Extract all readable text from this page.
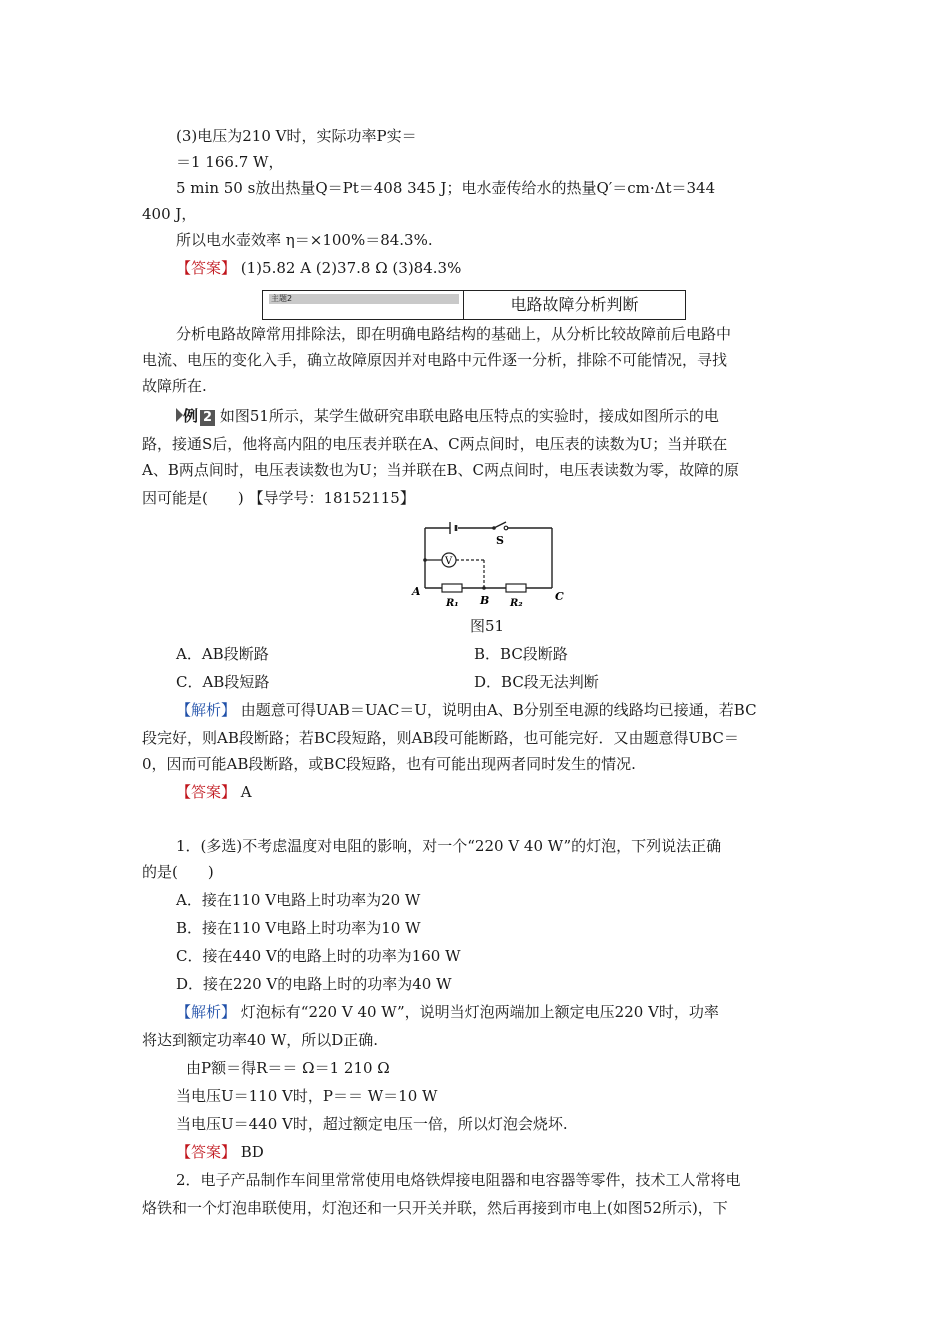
(3)电压为210 V时，实际功率P实＝
＝1 166.7 W，
5 min 50 s放出热量Q＝Pt＝408 345 J；电水壶传给水的热量Q′＝cm·Δt＝344
400 J，
所以电水壶效率 η＝×100%＝84.3%.
【答案】 (1)5.82 A (2)37.8 Ω (3)84.3%
主题2	电路故障分析判断
分析电路故障常用排除法，即在明确电路结构的基础上，从分析比较故障前后电路中
电流、电压的变化入手，确立故障原因并对电路中元件逐一分析，排除不可能情况，寻找
故障所在.
例 2 如图51所示，某学生做研究串联电路电压特点的实验时，接成如图所示的电
路，接通S后，他将高内阻的电压表并联在A、C两点间时，电压表的读数为U；当并联在
A、B两点间时，电压表读数也为U；当并联在B、C两点间时，电压表读数为零，故障的原
因可能是(　　) 【导学号：18152115】
S
V
A
B	C
R₁	R₂
图51
A．AB段断路	B．BC段断路
C．AB段短路	D．BC段无法判断
【解析】 由题意可得UAB＝UAC＝U，说明由A、B分别至电源的线路均已接通，若BC
段完好，则AB段断路；若BC段短路，则AB段可能断路，也可能完好．又由题意得UBC＝
0，因而可能AB段断路，或BC段短路，也有可能出现两者同时发生的情况.
【答案】 A
1．(多选)不考虑温度对电阻的影响，对一个“220 V 40 W”的灯泡，下列说法正确
的是(　　)
A．接在110 V电路上时功率为20 W
B．接在110 V电路上时功率为10 W
C．接在440 V的电路上时的功率为160 W
D．接在220 V的电路上时的功率为40 W
【解析】 灯泡标有“220 V 40 W”，说明当灯泡两端加上额定电压220 V时，功率
将达到额定功率40 W，所以D正确.
由P额＝得R＝＝ Ω＝1 210 Ω
当电压U＝110 V时，P＝＝ W＝10 W
当电压U＝440 V时，超过额定电压一倍，所以灯泡会烧坏.
【答案】 BD
2．电子产品制作车间里常常使用电烙铁焊接电阻器和电容器等零件，技术工人常将电
烙铁和一个灯泡串联使用，灯泡还和一只开关并联，然后再接到市电上(如图52所示)，下
